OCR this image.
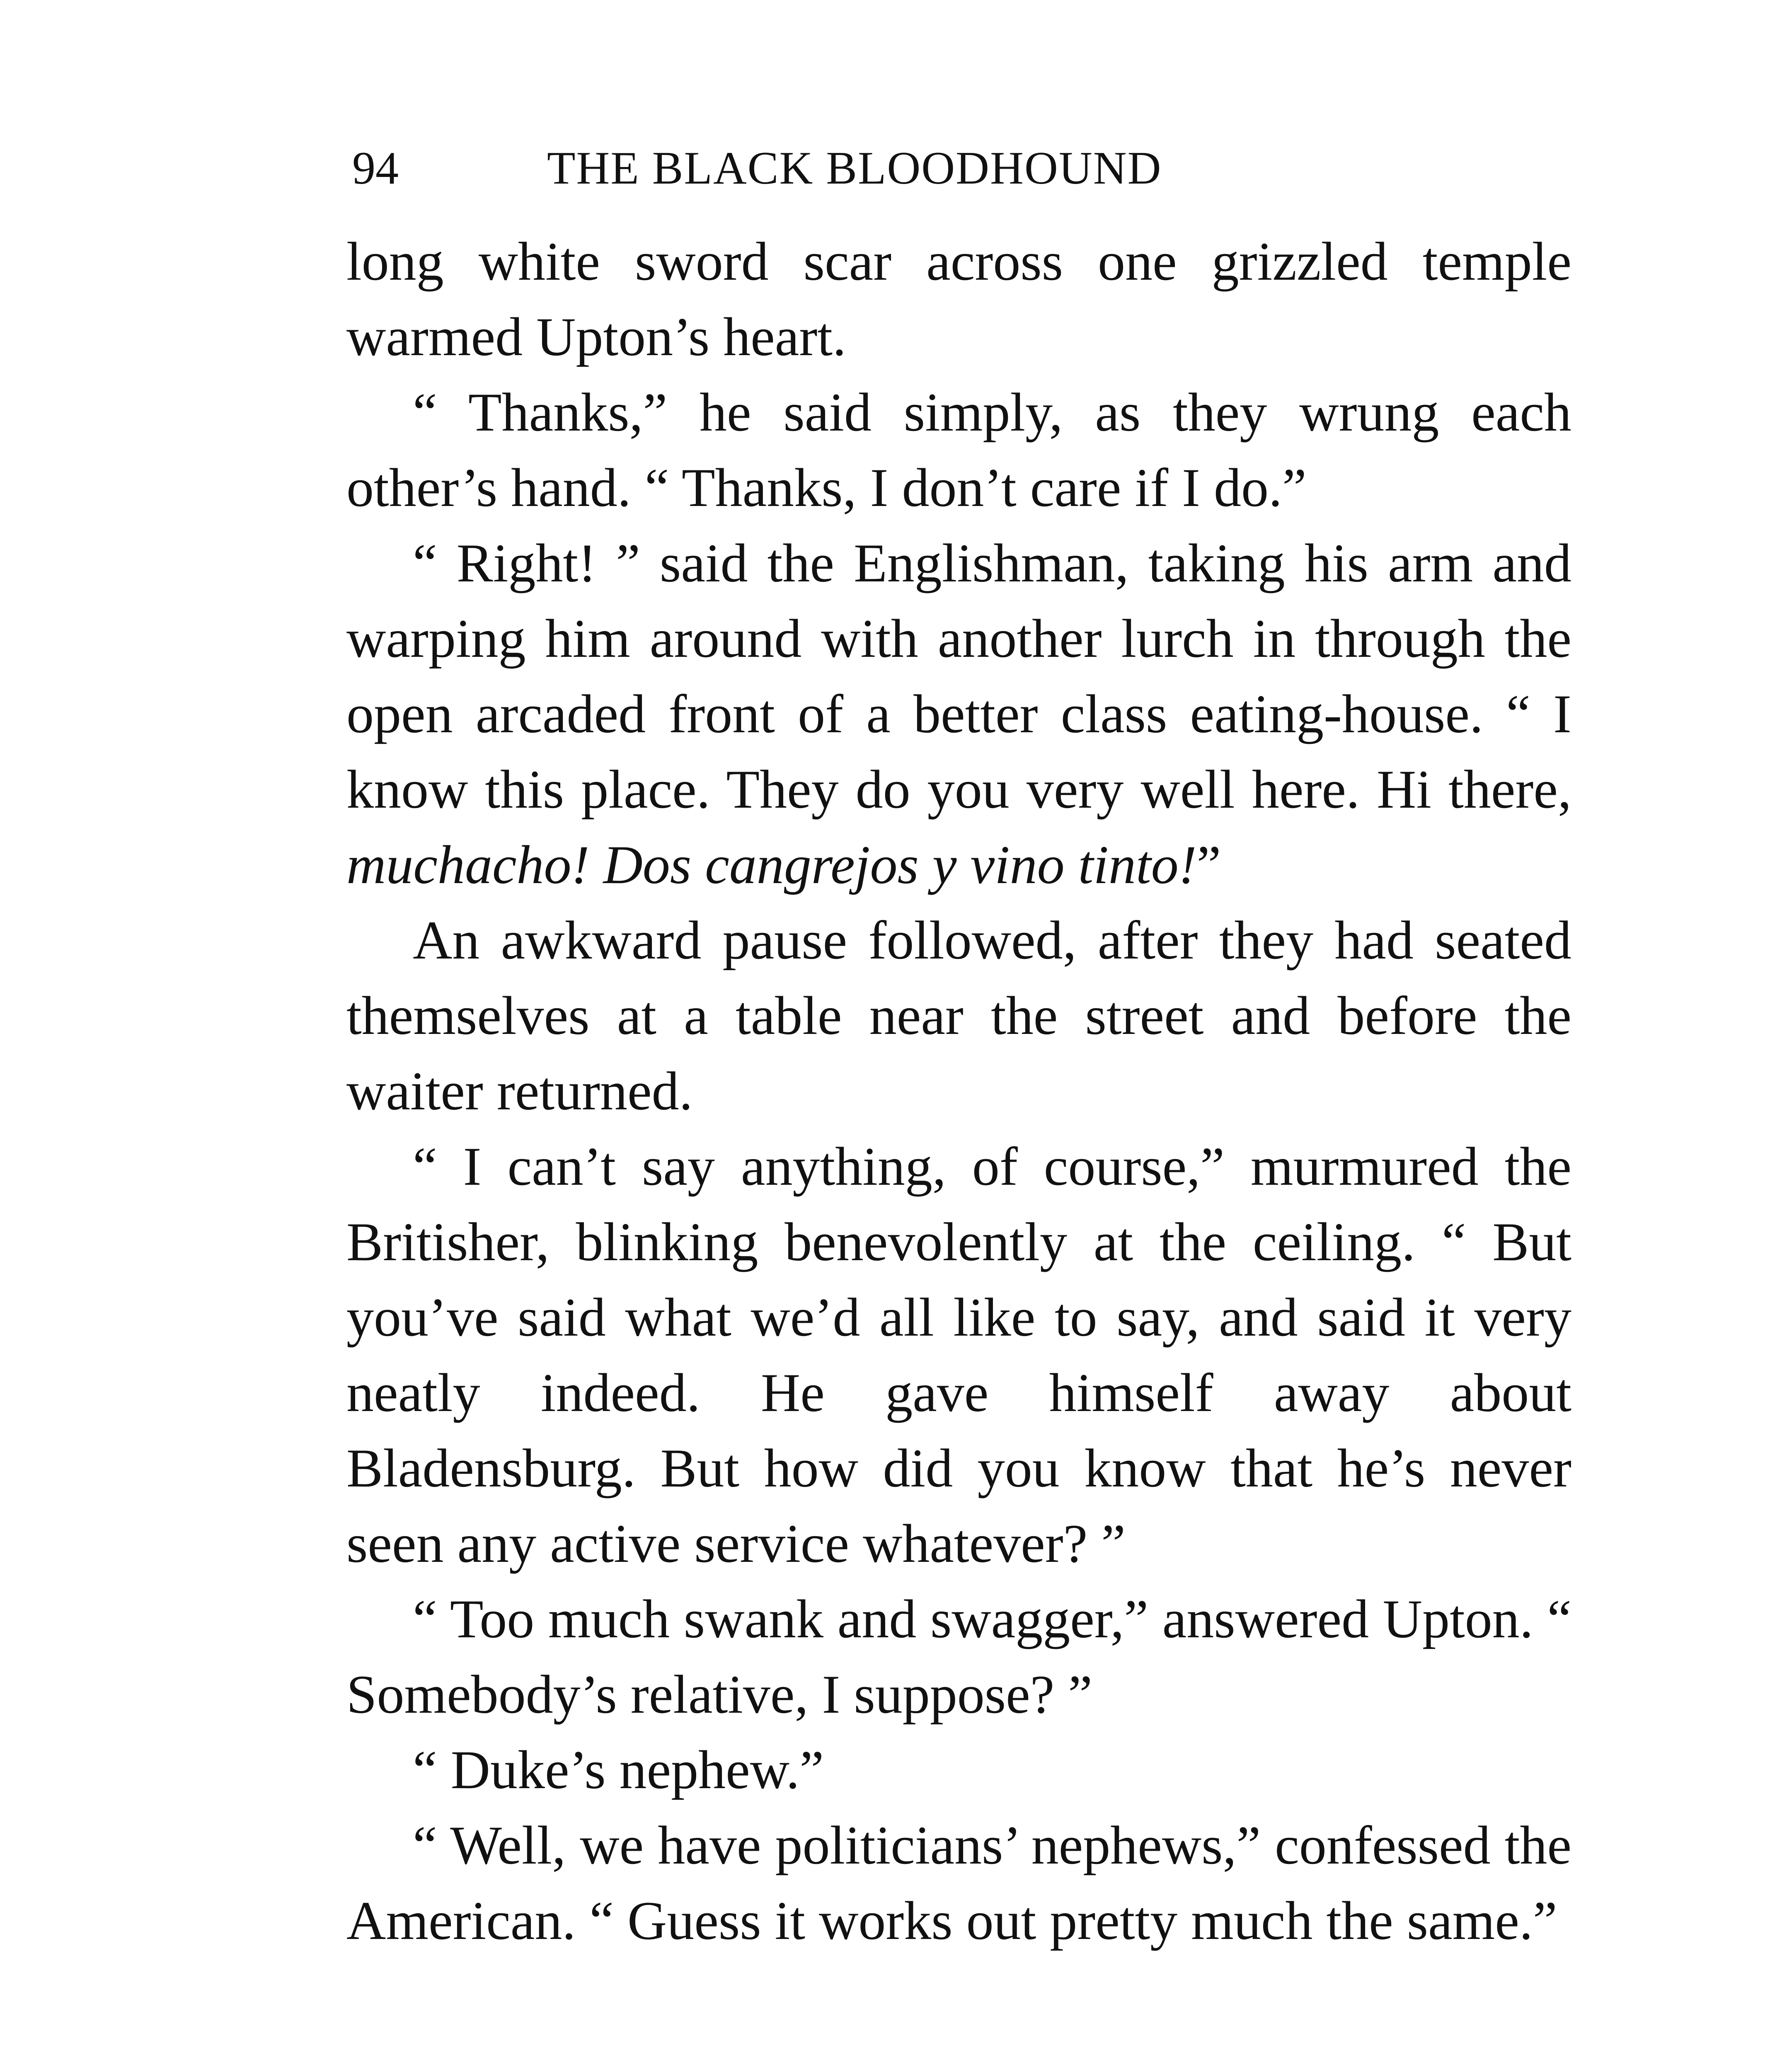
94	THE BLACK BLOODHOUND

long white sword scar across one grizzled temple warmed Upton’s heart.

“ Thanks,” he said simply, as they wrung each other’s hand. “ Thanks, I don’t care if I do.”

“ Right! ” said the Englishman, taking his arm and warping him around with another lurch in through the open arcaded front of a better class eating-house. “ I know this place. They do you very well here. Hi there, muchacho! Dos cangrejos y vino tinto!”

An awkward pause followed, after they had seated themselves at a table near the street and before the waiter returned.

“ I can’t say anything, of course,” murmured the Britisher, blinking benevolently at the ceiling. “ But you’ve said what we’d all like to say, and said it very neatly indeed. He gave himself away about Bladensburg. But how did you know that he’s never seen any active service whatever? ”

“ Too much swank and swagger,” answered Upton. “ Somebody’s relative, I suppose? ”

“ Duke’s nephew.”

“ Well, we have politicians’ nephews,” confessed the American. “ Guess it works out pretty much the same.”
